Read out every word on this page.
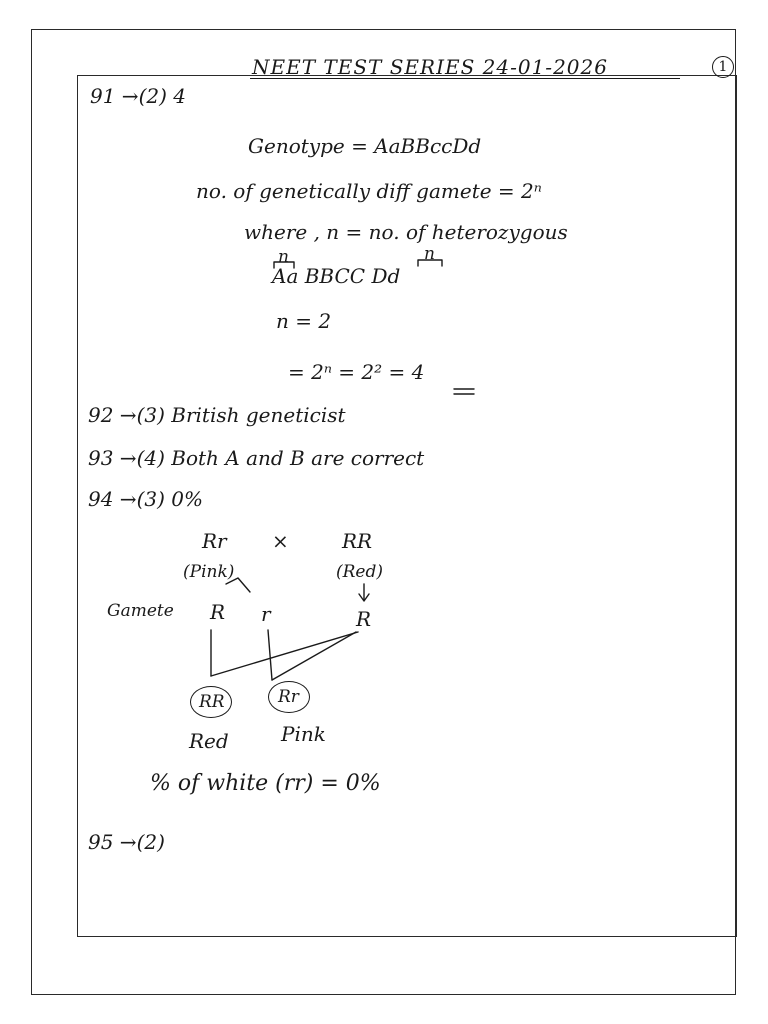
NEET TEST SERIES 24-01-2026	1
91 →(2) 4
Genotype = AaBBccDd
no. of genetically diff gamete = 2ⁿ
where , n = no. of heterozygous
n	n
Aa BBCC Dd
n = 2
= 2ⁿ = 2² = 4
92 →(3) British geneticist
93 →(4) Both A and B are correct
94 →(3) 0%
Rr ×	RR
(Pink)	(Red)
Gamete R r	R
RR	Rr
Red	Pink
% of white (rr) = 0%
95 →(2)
